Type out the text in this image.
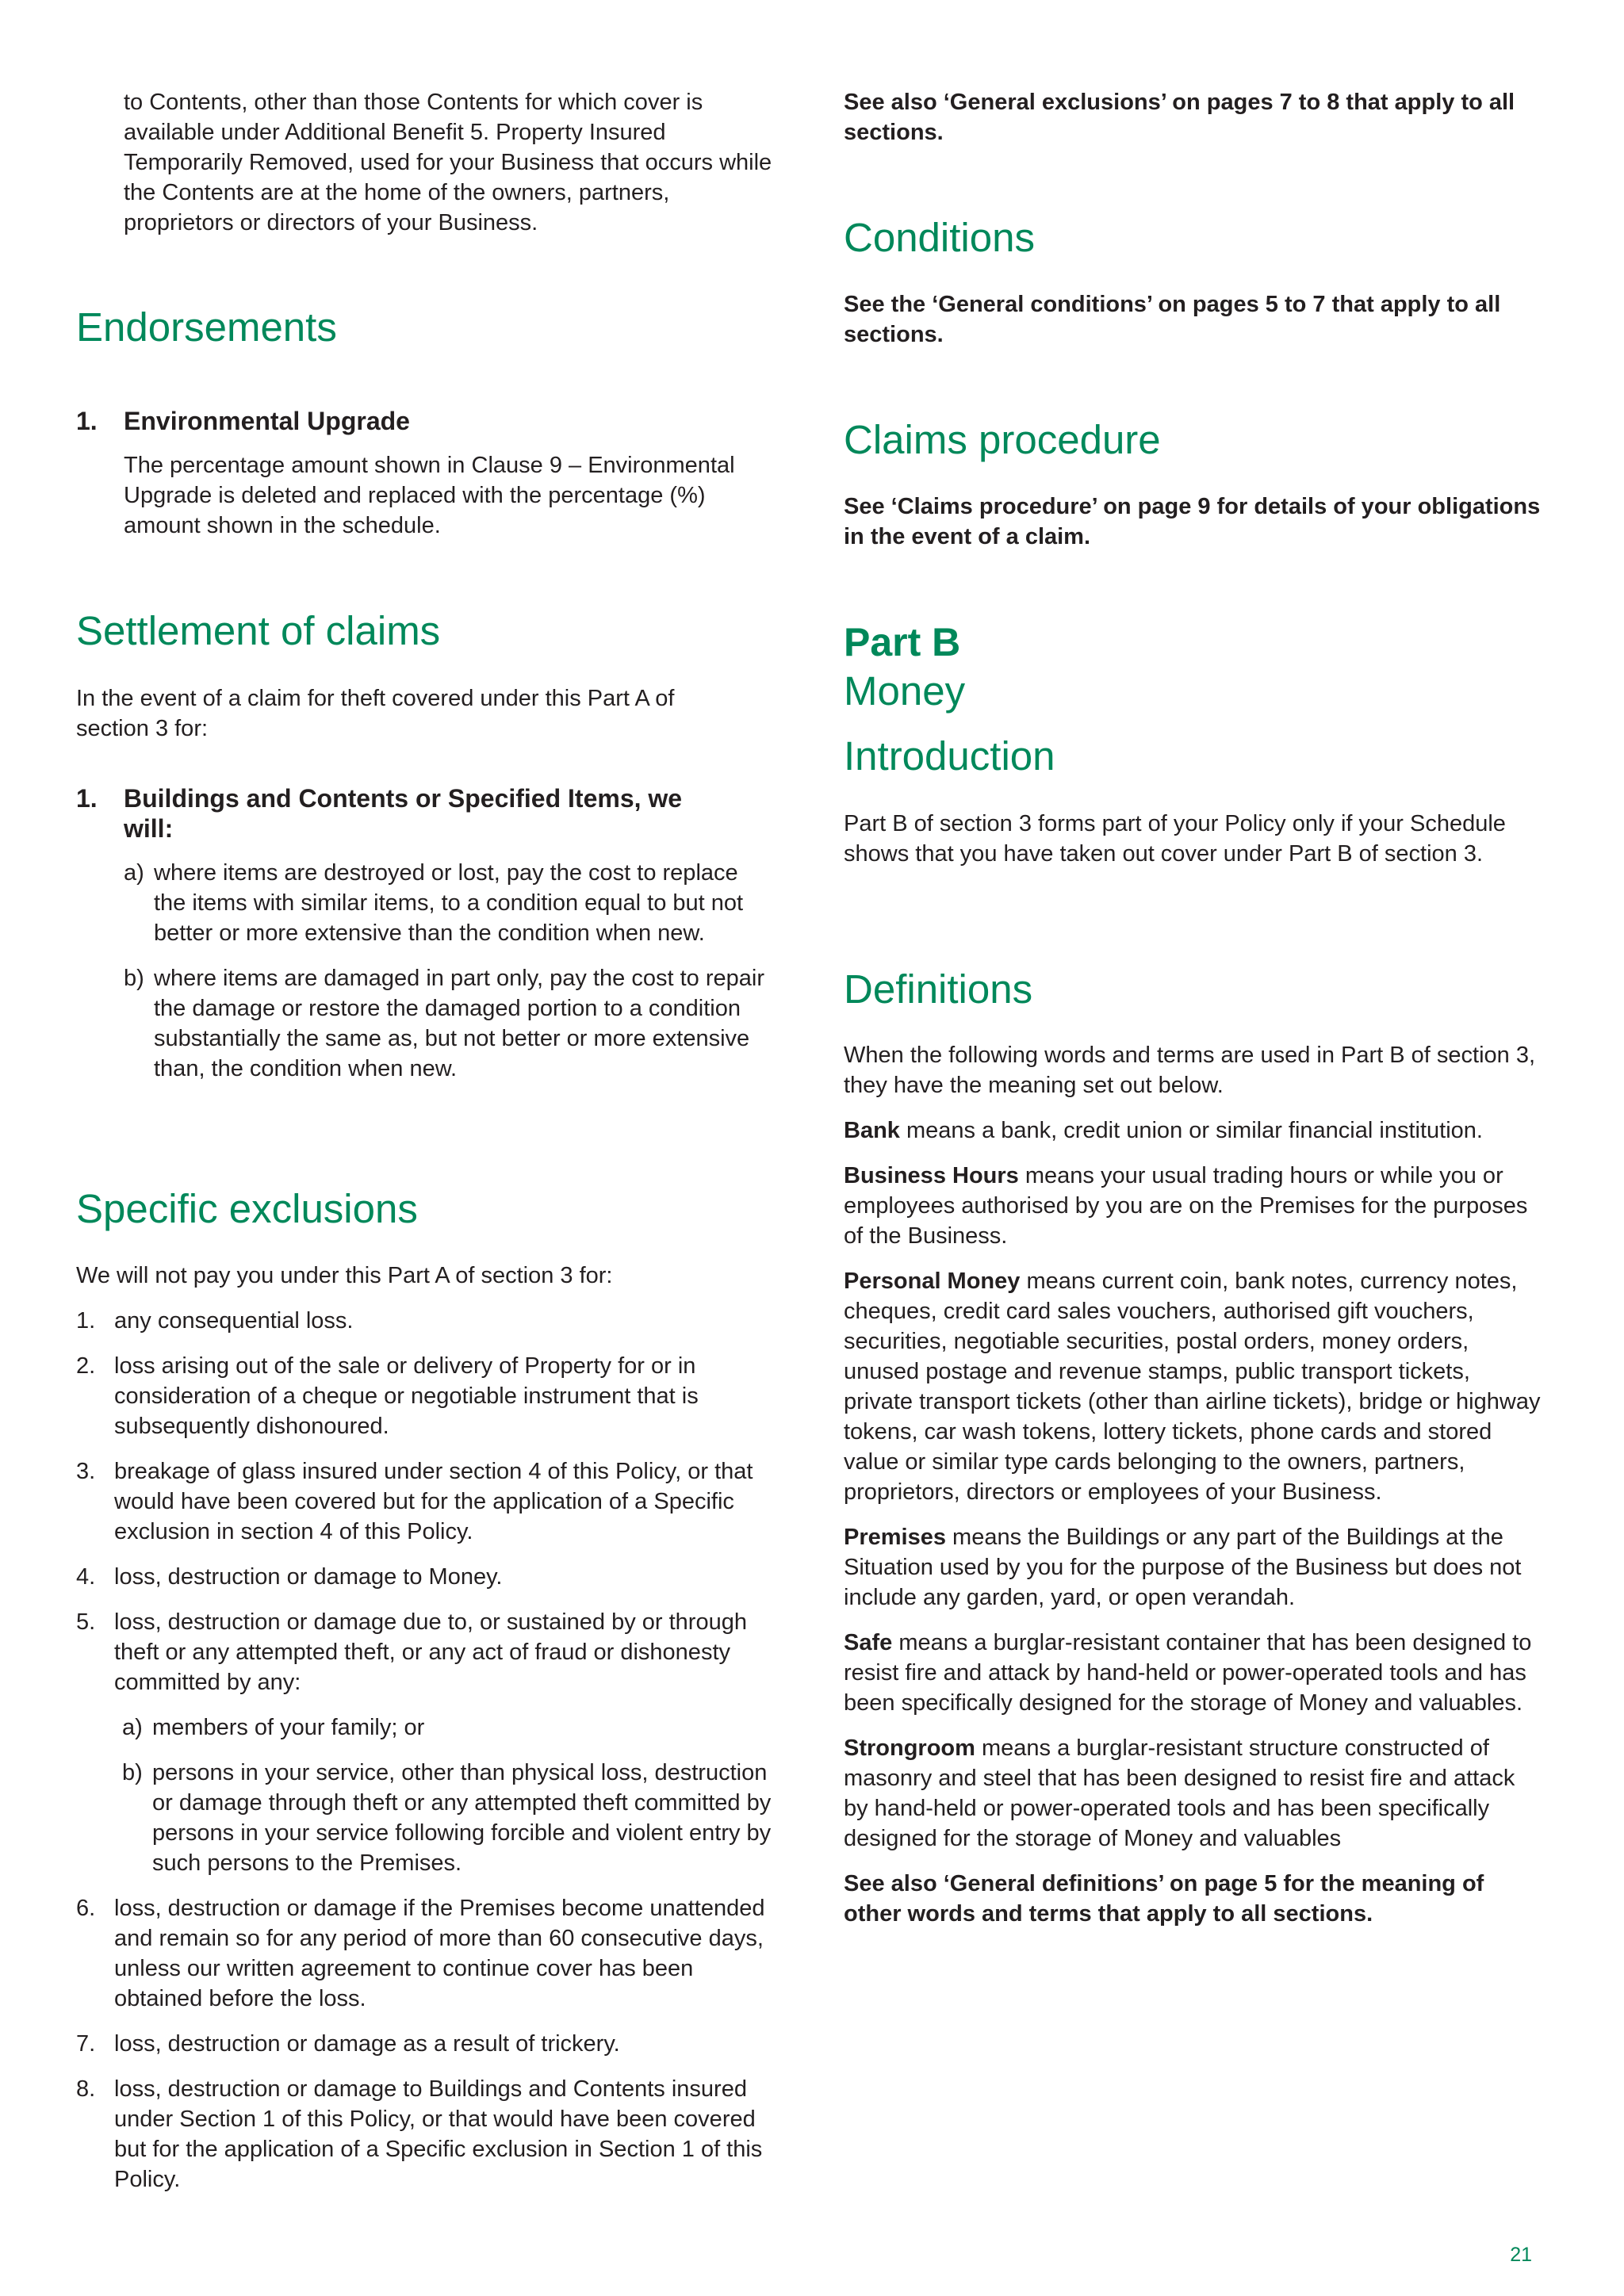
to Contents, other than those Contents for which cover is available under Additional Benefit 5. Property Insured Temporarily Removed, used for your Business that occurs while the Contents are at the home of the owners, partners, proprietors or directors of your Business.

Endorsements
1. Environmental Upgrade

The percentage amount shown in Clause 9 – Environmental Upgrade is deleted and replaced with the percentage (%) amount shown in the schedule.

Settlement of claims

In the event of a claim for theft covered under this Part A of section 3 for:

1. Buildings and Contents or Specified Items, we will:

a) where items are destroyed or lost, pay the cost to replace the items with similar items, to a condition equal to but not better or more extensive than the condition when new.
b) where items are damaged in part only, pay the cost to repair the damage or restore the damaged portion to a condition substantially the same as, but not better or more extensive than, the condition when new.
Specific exclusions

We will not pay you under this Part A of section 3 for:

1. any consequential loss.
2. loss arising out of the sale or delivery of Property for or in consideration of a cheque or negotiable instrument that is subsequently dishonoured.
3. breakage of glass insured under section 4 of this Policy, or that would have been covered but for the application of a Specific exclusion in section 4 of this Policy.
4. loss, destruction or damage to Money.
5. loss, destruction or damage due to, or sustained by or through theft or any attempted theft, or any act of fraud or dishonesty committed by any:
a) members of your family; or
b) persons in your service, other than physical loss, destruction or damage through theft or any attempted theft committed by persons in your service following forcible and violent entry by such persons to the Premises.
6. loss, destruction or damage if the Premises become unattended and remain so for any period of more than 60 consecutive days, unless our written agreement to continue cover has been obtained before the loss.
7. loss, destruction or damage as a result of trickery.
8. loss, destruction or damage to Buildings and Contents insured under Section 1 of this Policy, or that would have been covered but for the application of a Specific exclusion in Section 1 of this Policy.

See also ‘General exclusions’ on pages 7 to 8 that apply to all sections.

Conditions

See the ‘General conditions’ on pages 5 to 7 that apply to all sections.

Claims procedure

See ‘Claims procedure’ on page 9 for details of your obligations in the event of a claim.

Part B
Money
Introduction

Part B of section 3 forms part of your Policy only if your Schedule shows that you have taken out cover under Part B of section 3.

Definitions

When the following words and terms are used in Part B of section 3, they have the meaning set out below.

Bank means a bank, credit union or similar financial institution.

Business Hours means your usual trading hours or while you or employees authorised by you are on the Premises for the purposes of the Business.

Personal Money means current coin, bank notes, currency notes, cheques, credit card sales vouchers, authorised gift vouchers, securities, negotiable securities, postal orders, money orders, unused postage and revenue stamps, public transport tickets, private transport tickets (other than airline tickets), bridge or highway tokens, car wash tokens, lottery tickets, phone cards and stored value or similar type cards belonging to the owners, partners, proprietors, directors or employees of your Business.

Premises means the Buildings or any part of the Buildings at the Situation used by you for the purpose of the Business but does not include any garden, yard, or open verandah.

Safe means a burglar-resistant container that has been designed to resist fire and attack by hand-held or power-operated tools and has been specifically designed for the storage of Money and valuables.

Strongroom means a burglar-resistant structure constructed of masonry and steel that has been designed to resist fire and attack by hand-held or power-operated tools and has been specifically designed for the storage of Money and valuables

See also ‘General definitions’ on page 5 for the meaning of other words and terms that apply to all sections.

21
